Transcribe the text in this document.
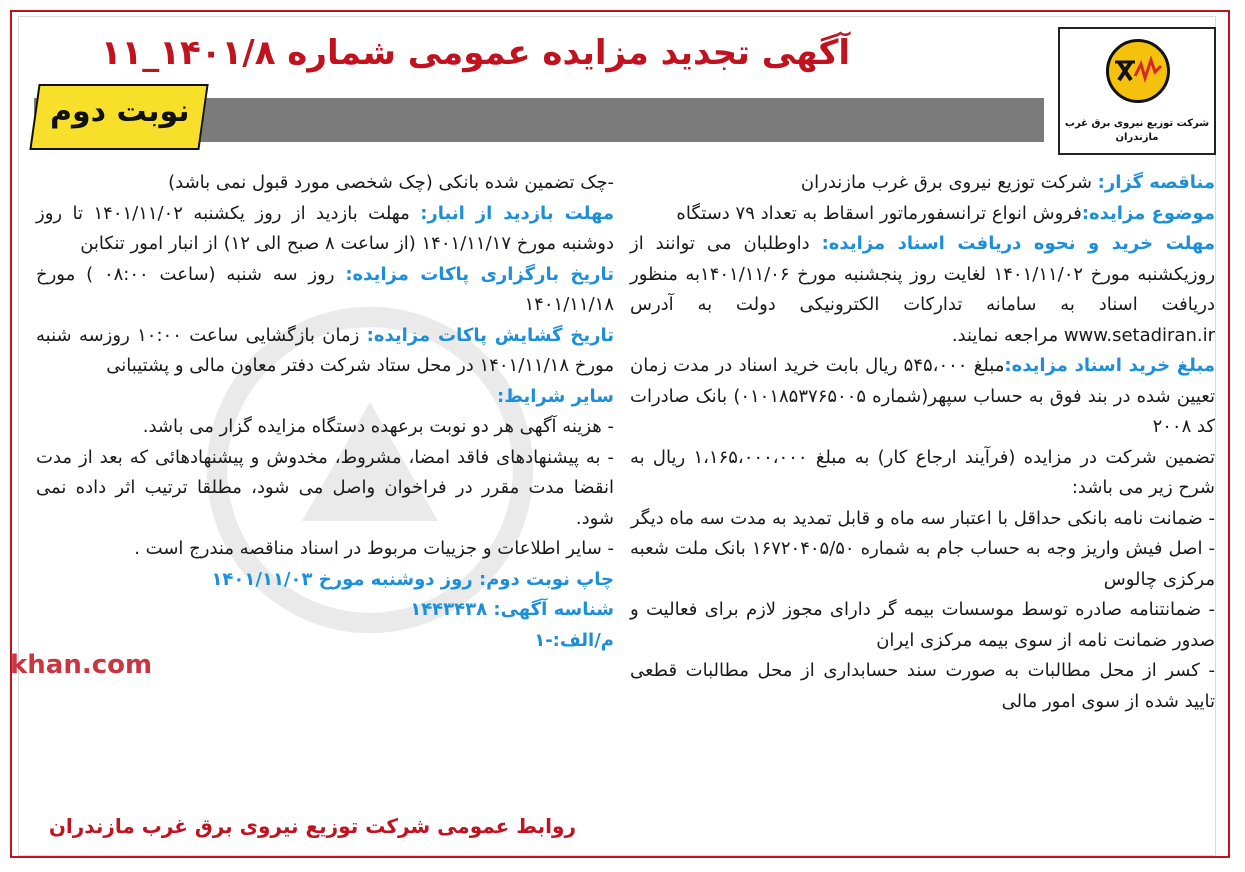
khan.com
شرکت توزیع نیروی برق غرب مازندران
آگهی تجدید مزایده عمومی شماره ۱۴۰۱/۸_۱۱
نوبت دوم

مناقصه گزار: شرکت توزیع نیروی برق غرب مازندران

موضوع مزایده:فروش انواع ترانسفورماتور اسقاط به تعداد ۷۹ دستگاه

مهلت خرید و نحوه دریافت اسناد مزایده: داوطلبان می توانند از روزیکشنبه مورخ ۱۴۰۱/۱۱/۰۲ لغایت روز پنجشنبه مورخ ۱۴۰۱/۱۱/۰۶به منظور دریافت اسناد به سامانه تدارکات الکترونیکی دولت به آدرس www.setadiran.ir مراجعه نمایند.

مبلغ خرید اسناد مزایده:مبلغ ۵۴۵،۰۰۰ ریال بابت خرید اسناد در مدت زمان تعیین شده در بند فوق به حساب سپهر(شماره ۰۱۰۱۸۵۳۷۶۵۰۰۵) بانک صادرات کد ۲۰۰۸

تضمین شرکت در مزایده (فرآیند ارجاع کار) به مبلغ ۱،۱۶۵،۰۰۰،۰۰۰ ریال به شرح زیر می باشد:

- ضمانت نامه بانکی حداقل با اعتبار سه ماه و قابل تمدید به مدت سه ماه دیگر

- اصل فیش واریز وجه به حساب جام به شماره ۱۶۷۲۰۴۰۵/۵۰ بانک ملت شعبه مرکزی چالوس

- ضمانتنامه صادره توسط موسسات بیمه گر دارای مجوز لازم برای فعالیت و صدور ضمانت نامه از سوی بیمه مرکزی ایران

- کسر از محل مطالبات به صورت سند حسابداری از محل مطالبات قطعی تایید شده از سوی امور مالی

-چک تضمین شده بانکی (چک شخصی مورد قبول نمی باشد)

مهلت بازدید از انبار: مهلت بازدید از روز یکشنبه ۱۴۰۱/۱۱/۰۲ تا روز دوشنبه مورخ ۱۴۰۱/۱۱/۱۷ (از ساعت ۸ صبح الی ۱۲) از انبار امور تنکابن

تاریخ بارگزاری پاکات مزایده: روز سه شنبه (ساعت ۰۸:۰۰ ) مورخ ۱۴۰۱/۱۱/۱۸

تاریخ گشایش پاکات مزایده: زمان بازگشایی ساعت ۱۰:۰۰ روزسه شنبه مورخ ۱۴۰۱/۱۱/۱۸ در محل ستاد شرکت دفتر معاون مالی و پشتیبانی

سایر شرایط:

- هزینه آگهی هر دو نوبت برعهده دستگاه مزایده گزار می باشد.

- به پیشنهادهای فاقد امضا، مشروط، مخدوش و پیشنهادهائی که بعد از مدت انقضا مدت مقرر در فراخوان واصل می شود، مطلقا ترتیب اثر داده نمی شود.

- سایر اطلاعات و جزییات مربوط در اسناد مناقصه مندرج است .

چاپ نوبت دوم: روز دوشنبه مورخ ۱۴۰۱/۱۱/۰۳

شناسه آگهی: ۱۴۴۳۴۳۸

م/الف:-۱

روابط عمومی شرکت توزیع نیروی برق غرب مازندران
